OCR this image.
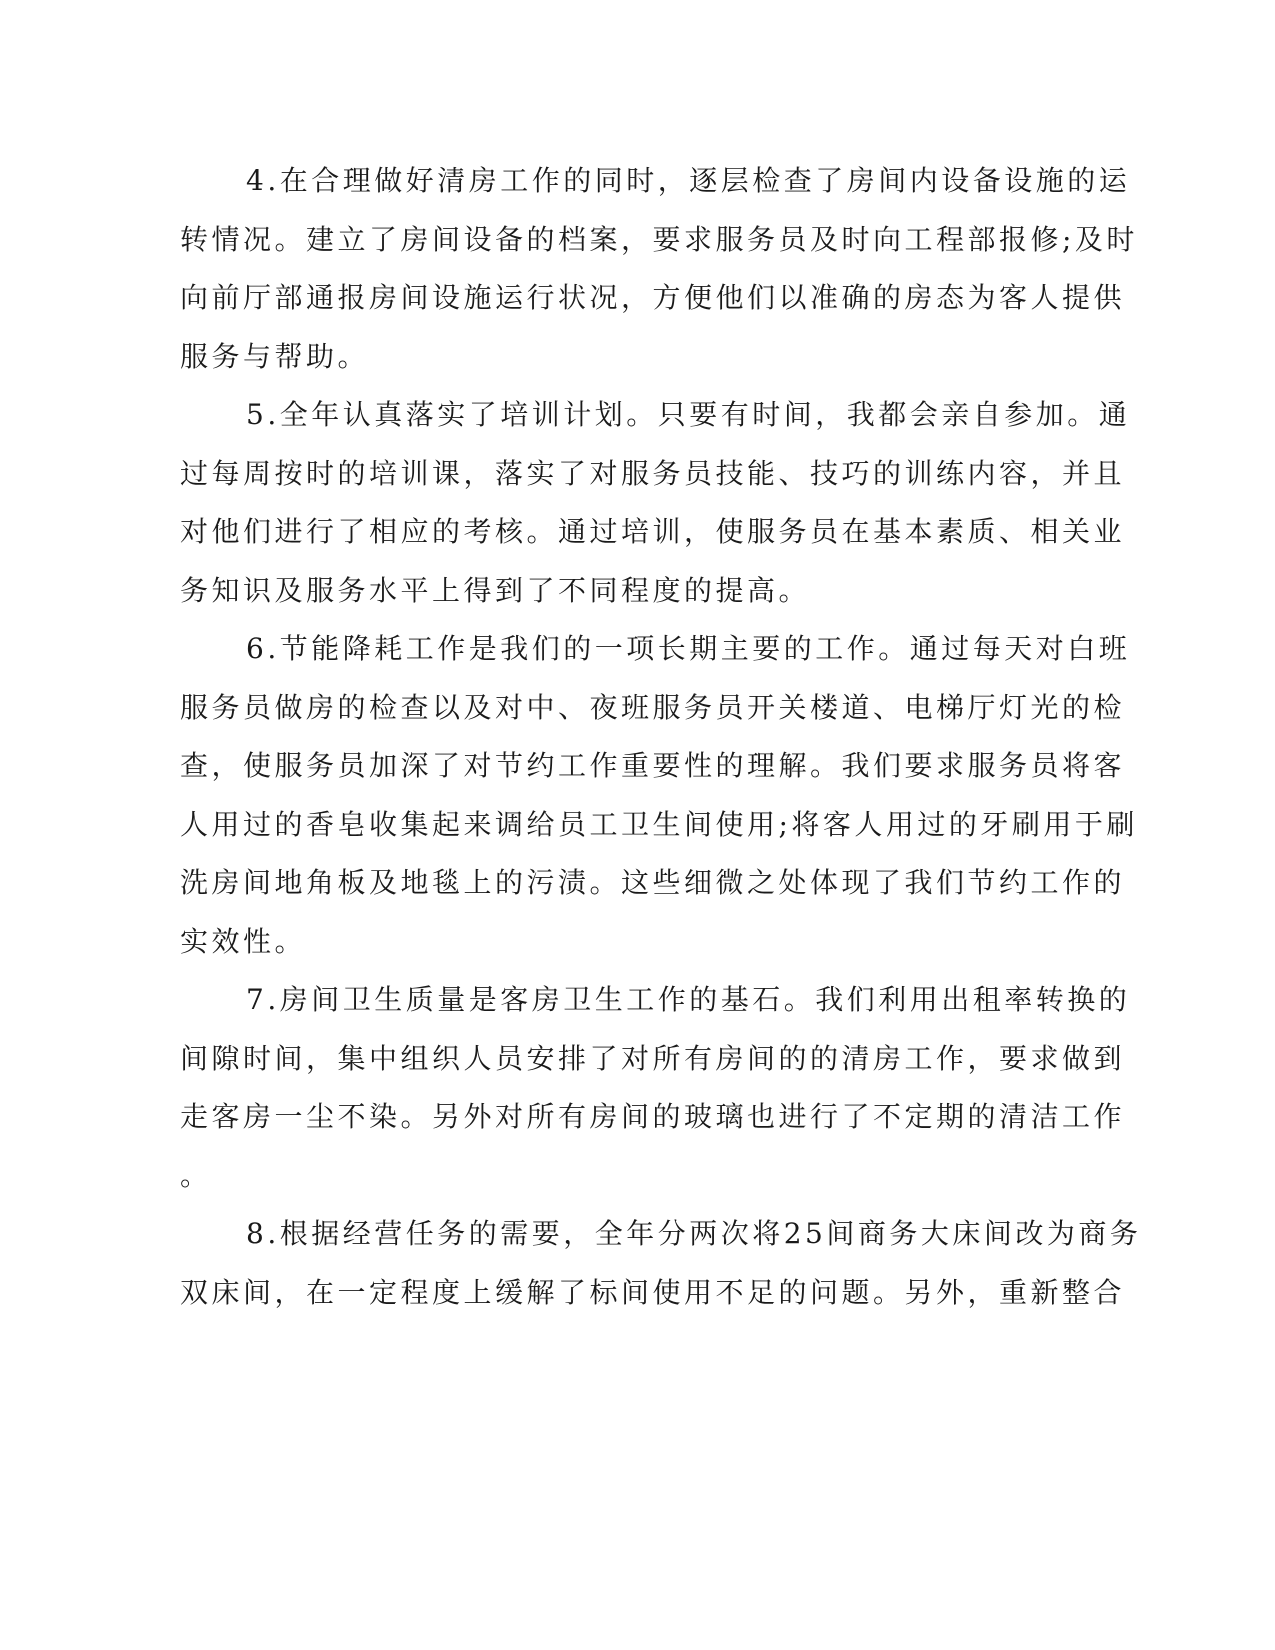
4.在合理做好清房工作的同时，逐层检查了房间内设备设施的运
转情况。建立了房间设备的档案，要求服务员及时向工程部报修;及时
向前厅部通报房间设施运行状况，方便他们以准确的房态为客人提供
服务与帮助。
5.全年认真落实了培训计划。只要有时间，我都会亲自参加。通
过每周按时的培训课，落实了对服务员技能、技巧的训练内容，并且
对他们进行了相应的考核。通过培训，使服务员在基本素质、相关业
务知识及服务水平上得到了不同程度的提高。
6.节能降耗工作是我们的一项长期主要的工作。通过每天对白班
服务员做房的检查以及对中、夜班服务员开关楼道、电梯厅灯光的检
查，使服务员加深了对节约工作重要性的理解。我们要求服务员将客
人用过的香皂收集起来调给员工卫生间使用;将客人用过的牙刷用于刷
洗房间地角板及地毯上的污渍。这些细微之处体现了我们节约工作的
实效性。
7.房间卫生质量是客房卫生工作的基石。我们利用出租率转换的
间隙时间，集中组织人员安排了对所有房间的的清房工作，要求做到
走客房一尘不染。另外对所有房间的玻璃也进行了不定期的清洁工作
。
8.根据经营任务的需要，全年分两次将25间商务大床间改为商务
双床间，在一定程度上缓解了标间使用不足的问题。另外，重新整合
